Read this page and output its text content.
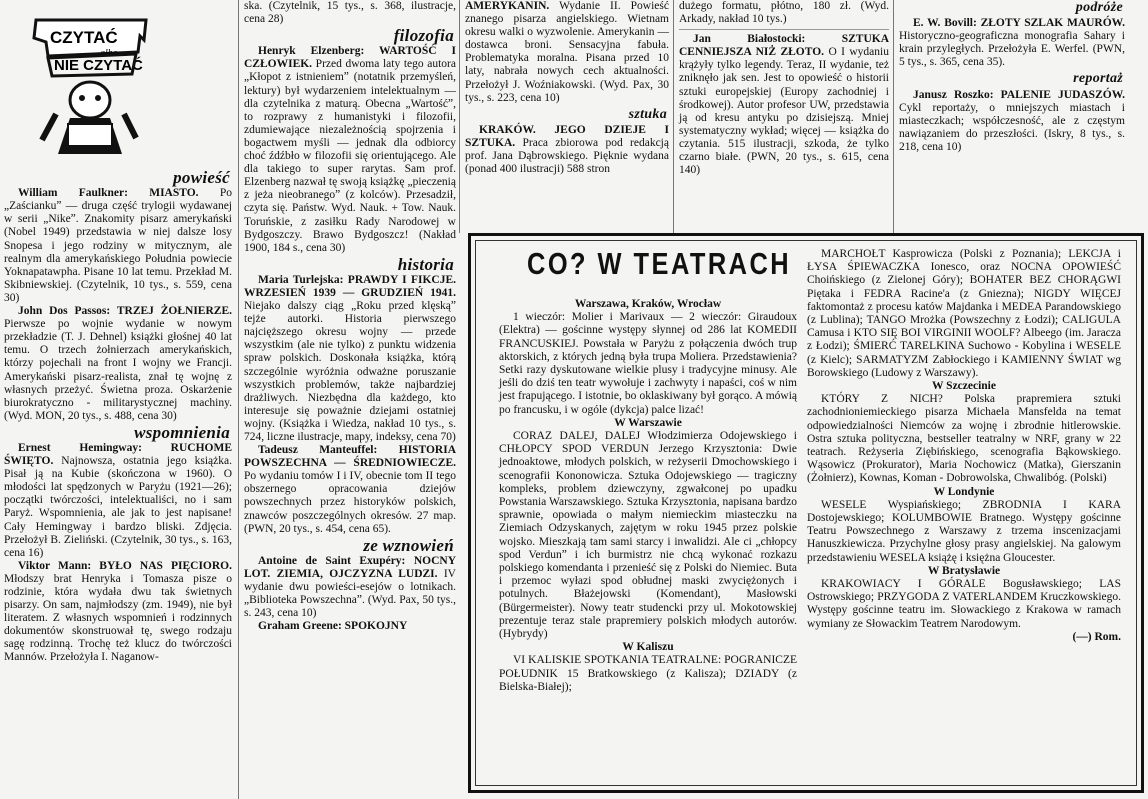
CZYTAĆ
albo
NIE CZYTAĆ
powieść

William Faulkner: MIASTO. Po „Zaściankuˮ — druga część trylogii wydawanej w serii „Nikeˮ. Znakomity pisarz amerykański (Nobel 1949) przedstawia w niej dalsze losy Snopesa i jego rodziny w mitycznym, ale realnym dla amerykańskiego Południa powiecie Yoknapatawpha. Pisane 10 lat temu. Przekład M. Skibniewskiej. (Czytelnik, 10 tys., s. 559, cena 30)

John Dos Passos: TRZEJ ŻOŁNIERZE. Pierwsze po wojnie wydanie w nowym przekładzie (T. J. Dehnel) książki głośnej 40 lat temu. O trzech żołnierzach amerykańskich, którzy pojechali na front I wojny we Francji. Amerykański pisarz-realista, znał tę wojnę z własnych przeżyć. Świetna proza. Oskarżenie biurokratyczno - militarystycznej machiny. (Wyd. MON, 20 tys., s. 488, cena 30)

wspomnienia

Ernest Hemingway: RUCHOME ŚWIĘTO. Najnowsza, ostatnia jego książka. Pisał ją na Kubie (skończona w 1960). O młodości lat spędzonych w Paryżu (1921—26); początki twórczości, intelektualiści, no i sam Paryż. Wspomnienia, ale jak to jest napisane! Cały Hemingway i bardzo bliski. Zdjęcia. Przełożył B. Zieliński. (Czytelnik, 30 tys., s. 163, cena 16)

Viktor Mann: BYŁO NAS PIĘCIORO. Młodszy brat Henryka i Tomasza pisze o rodzinie, która wydała dwu tak świetnych pisarzy. On sam, najmłodszy (zm. 1949), nie był literatem. Z własnych wspomnień i rodzinnych dokumentów skonstruował tę, swego rodzaju sagę rodzinną. Trochę też klucz do twórczości Mannów. Przełożyła I. Naganow-

ska. (Czytelnik, 15 tys., s. 368, ilustracje, cena 28)

filozofia

Henryk Elzenberg: WARTOŚĆ I CZŁOWIEK. Przed dwoma laty tego autora „Kłopot z istnieniemˮ (notatnik przemyśleń, lektury) był wydarzeniem intelektualnym — dla czytelnika z maturą. Obecna „Wartośćˮ, to rozprawy z humanistyki i filozofii, zdumiewające niezależnością spojrzenia i bogactwem myśli — jednak dla odbiorcy choć źdźbło w filozofii się orientującego. Ale dla takiego to super rarytas. Sam prof. Elzenberg nazwał tę swoją książkę „pieczenią z jeża nieobranegoˮ (z kolców). Przesadził, czyta się. Państw. Wyd. Nauk. + Tow. Nauk. Toruńskie, z zasiłku Rady Narodowej w Bydgoszczy. Brawo Bydgoszcz! (Nakład 1900, 184 s., cena 30)

historia

Maria Turlejska: PRAWDY I FIKCJE. WRZESIEŃ 1939 — GRUDZIEŃ 1941. Niejako dalszy ciąg „Roku przed klęskąˮ tejże autorki. Historia pierwszego najcięższego okresu wojny — przede wszystkim (ale nie tylko) z punktu widzenia spraw polskich. Doskonała książka, którą szczególnie wyróżnia odważne poruszanie wszystkich problemów, także najbardziej drażliwych. Niezbędna dla każdego, kto interesuje się poważnie dziejami ostatniej wojny. (Książka i Wiedza, nakład 10 tys., s. 724, liczne ilustracje, mapy, indeksy, cena 70)

Tadeusz Manteuffel: HISTORIA POWSZECHNA — ŚREDNIOWIECZE. Po wydaniu tomów I i IV, obecnie tom II tego obszernego opracowania dziejów powszechnych przez historyków polskich, znawców poszczególnych okresów. 27 map. (PWN, 20 tys., s. 454, cena 65).

ze wznowień

Antoine de Saint Exupéry: NOCNY LOT. ZIEMIA, OJCZYZNA LUDZI. IV wydanie dwu powieści-esejów o lotnikach. „Biblioteka Powszechnaˮ. (Wyd. Pax, 50 tys., s. 243, cena 10)

Graham Greene: SPOKOJNY

AMERYKANIN. Wydanie II. Powieść znanego pisarza angielskiego. Wietnam okresu walki o wyzwolenie. Amerykanin — dostawca broni. Sensacyjna fabuła. Problematyka moralna. Pisana przed 10 laty, nabrała nowych cech aktualności. Przełożył J. Woźniakowski. (Wyd. Pax, 30 tys., s. 223, cena 10)

sztuka

KRAKÓW. JEGO DZIEJE I SZTUKA. Praca zbiorowa pod redakcją prof. Jana Dąbrowskiego. Pięknie wydana (ponad 400 ilustracji) 588 stron

dużego formatu, płótno, 180 zł. (Wyd. Arkady, nakład 10 tys.)

Jan Białostocki: SZTUKA CENNIEJSZA NIŻ ZŁOTO. O I wydaniu krążyły tylko legendy. Teraz, II wydanie, też zniknęło jak sen. Jest to opowieść o historii sztuki europejskiej (Europy zachodniej i środkowej). Autor profesor UW, przedstawia ją od kresu antyku po dzisiejszą. Mniej systematyczny wykład; więcej — książka do czytania. 515 ilustracji, szkoda, że tylko czarno białe. (PWN, 20 tys., s. 615, cena 140)

podróże

E. W. Bovill: ZŁOTY SZLAK MAURÓW. Historyczno-geograficzna monografia Sahary i krain przyległych. Przełożyła E. Werfel. (PWN, 5 tys., s. 365, cena 35).

reportaż

Janusz Roszko: PALENIE JUDASZÓW. Cykl reportaży, o mniejszych miastach i miasteczkach; współczesność, ale z częstym nawiązaniem do przeszłości. (Iskry, 8 tys., s. 218, cena 10)

CO? W TEATRACH

Warszawa, Kraków, Wrocław

1 wieczór: Molier i Marivaux — 2 wieczór: Giraudoux (Elektra) — gościnne występy słynnej od 286 lat KOMEDII FRANCUSKIEJ. Powstała w Paryżu z połączenia dwóch trup aktorskich, z których jedną była trupa Moliera. Przedstawienia? Setki razy dyskutowane wielkie plusy i tradycyjne minusy. Ale jeśli do dziś ten teatr wywołuje i zachwyty i napaści, coś w nim jest frapującego. I istotnie, bo oklaskiwany był gorąco. A mówią po francusku, i w ogóle (dykcja) palce lizać!

W Warszawie

CORAZ DALEJ, DALEJ Włodzimierza Odojewskiego i CHŁOPCY SPOD VERDUN Jerzego Krzysztonia: Dwie jednoaktowe, młodych polskich, w reżyserii Dmochowskiego i scenografii Kononowicza. Sztuka Odojewskiego — tragiczny kompleks, problem dziewczyny, zgwałconej po upadku Powstania Warszawskiego. Sztuka Krzysztonia, napisana bardzo sprawnie, opowiada o małym niemieckim miasteczku na Ziemiach Odzyskanych, zajętym w roku 1945 przez polskie wojsko. Mieszkają tam sami starcy i inwalidzi. Ale ci „chłopcy spod Verdunˮ i ich burmistrz nie chcą wykonać rozkazu polskiego komendanta i przenieść się z Polski do Niemiec. Buta i przemoc wyłazi spod obłudnej maski zwyciężonych i potulnych. Błażejowski (Komendant), Masłowski (Bürgermeister). Nowy teatr studencki przy ul. Mokotowskiej prezentuje teraz stale prapremiery polskich młodych autorów. (Hybrydy)

W Kaliszu

VI KALISKIE SPOTKANIA TEATRALNE: POGRANICZE POŁUDNIK 15 Bratkowskiego (z Kalisza); DZIADY (z Bielska-Białej);

MARCHOŁT Kasprowicza (Polski z Poznania); LEKCJA i ŁYSA ŚPIEWACZKA Ionesco, oraz NOCNA OPOWIEŚĆ Choińskiego (z Zielonej Góry); BOHATER BEZ CHORĄGWI Piętaka i FEDRA Racine'a (z Gniezna); NIGDY WIĘCEJ faktomontaż z procesu katów Majdanka i MEDEA Parandowskiego (z Lublina); TANGO Mrożka (Powszechny z Łodzi); CALIGULA Camusa i KTO SIĘ BOI VIRGINII WOOLF? Albeego (im. Jaracza z Łodzi); ŚMIERĆ TARELKINA Suchowo - Kobylina i WESELE (z Kielc); SARMATYZM Zabłockiego i KAMIENNY ŚWIAT wg Borowskiego (Ludowy z Warszawy).

W Szczecinie

KTÓRY Z NICH? Polska prapremiera sztuki zachodnioniemieckiego pisarza Michaela Mansfelda na temat odpowiedzialności Niemców za wojnę i zbrodnie hitlerowskie. Ostra sztuka polityczna, bestseller teatralny w NRF, grany w 22 teatrach. Reżyseria Ziębińskiego, scenografia Bąkowskiego. Wąsowicz (Prokurator), Maria Nochowicz (Matka), Gierszanin (Żołnierz), Kownas, Koman - Dobrowolska, Chwalibóg. (Polski)

W Londynie

WESELE Wyspiańskiego; ZBRODNIA I KARA Dostojewskiego; KOLUMBOWIE Bratnego. Występy gościnne Teatru Powszechnego z Warszawy z trzema inscenizacjami Hanuszkiewicza. Przychylne głosy prasy angielskiej. Na galowym przedstawieniu WESELA książę i księżna Gloucester.

W Bratysławie

KRAKOWIACY I GÓRALE Bogusławskiego; LAS Ostrowskiego; PRZYGODA Z VATERLANDEM Kruczkowskiego. Występy gościnne teatru im. Słowackiego z Krakowa w ramach wymiany ze Słowackim Teatrem Narodowym.

(—) Rom.
